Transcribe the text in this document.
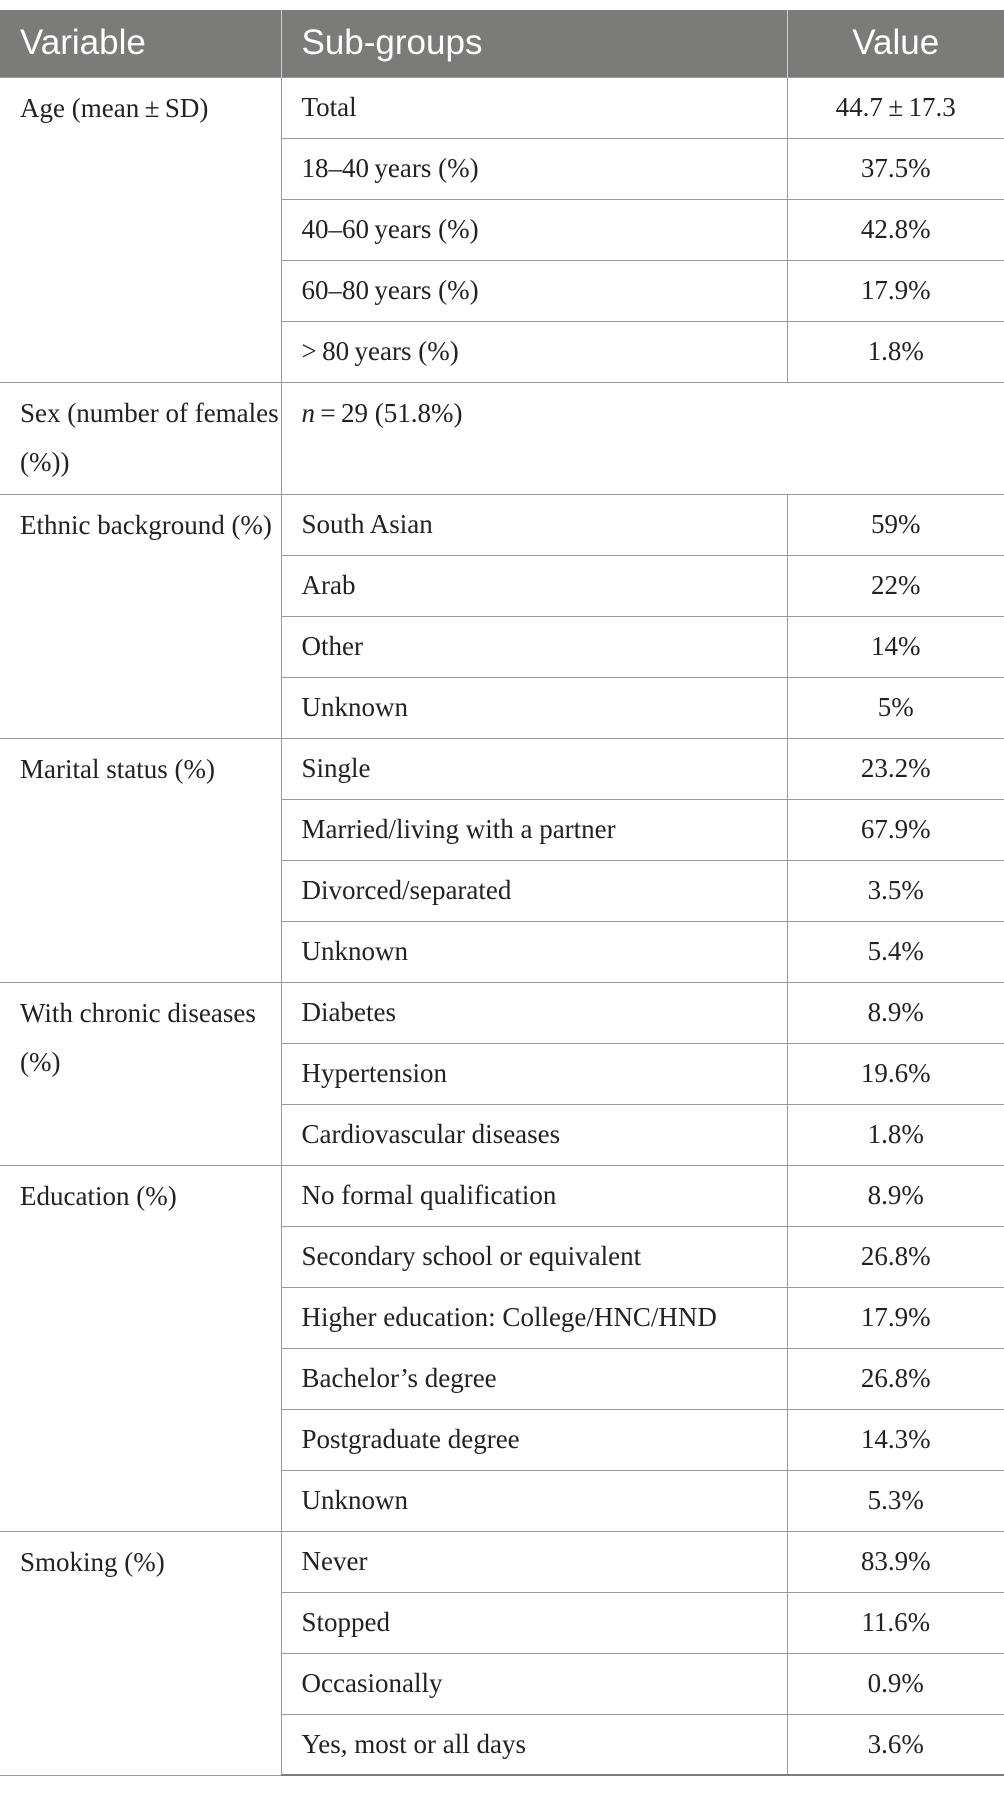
Variable	Sub-groups	Value
Age (mean ± SD)	Total	44.7 ± 17.3
	18–40 years (%)	37.5%
	40–60 years (%)	42.8%
	60–80 years (%)	17.9%
	> 80 years (%)	1.8%
Sex (number of females (%))	n = 29 (51.8%)	
Ethnic background (%)	South Asian	59%
	Arab	22%
	Other	14%
	Unknown	5%
Marital status (%)	Single	23.2%
	Married/living with a partner	67.9%
	Divorced/separated	3.5%
	Unknown	5.4%
With chronic diseases (%)	Diabetes	8.9%
	Hypertension	19.6%
	Cardiovascular diseases	1.8%
Education (%)	No formal qualification	8.9%
	Secondary school or equivalent	26.8%
	Higher education: College/HNC/HND	17.9%
	Bachelor’s degree	26.8%
	Postgraduate degree	14.3%
	Unknown	5.3%
Smoking (%)	Never	83.9%
	Stopped	11.6%
	Occasionally	0.9%
	Yes, most or all days	3.6%
